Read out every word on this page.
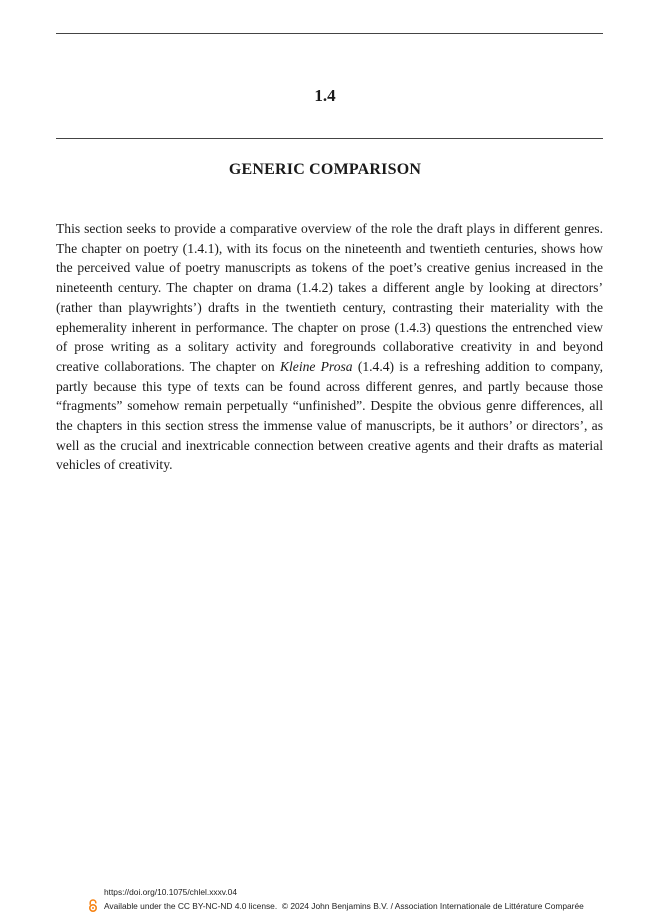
1.4
GENERIC COMPARISON

This section seeks to provide a comparative overview of the role the draft plays in different genres. The chapter on poetry (1.4.1), with its focus on the nineteenth and twentieth centuries, shows how the perceived value of poetry manuscripts as tokens of the poet’s creative genius increased in the nineteenth century. The chapter on drama (1.4.2) takes a different angle by looking at directors’ (rather than playwrights’) drafts in the twentieth century, contrasting their materiality with the ephemerality inherent in performance. The chapter on prose (1.4.3) questions the entrenched view of prose writing as a solitary activity and foregrounds collaborative creativity in and beyond creative collaborations. The chapter on Kleine Prosa (1.4.4) is a refreshing addition to company, partly because this type of texts can be found across different genres, and partly because those “fragments” somehow remain perpetually “unfinished”. Despite the obvious genre differences, all the chapters in this section stress the immense value of manuscripts, be it authors’ or directors’, as well as the crucial and inextricable connection between creative agents and their drafts as material vehicles of creativity.

https://doi.org/10.1075/chlel.xxxv.04
Available under the CC BY-NC-ND 4.0 license. © 2024 John Benjamins B.V. / Association Internationale de Littérature Comparée
